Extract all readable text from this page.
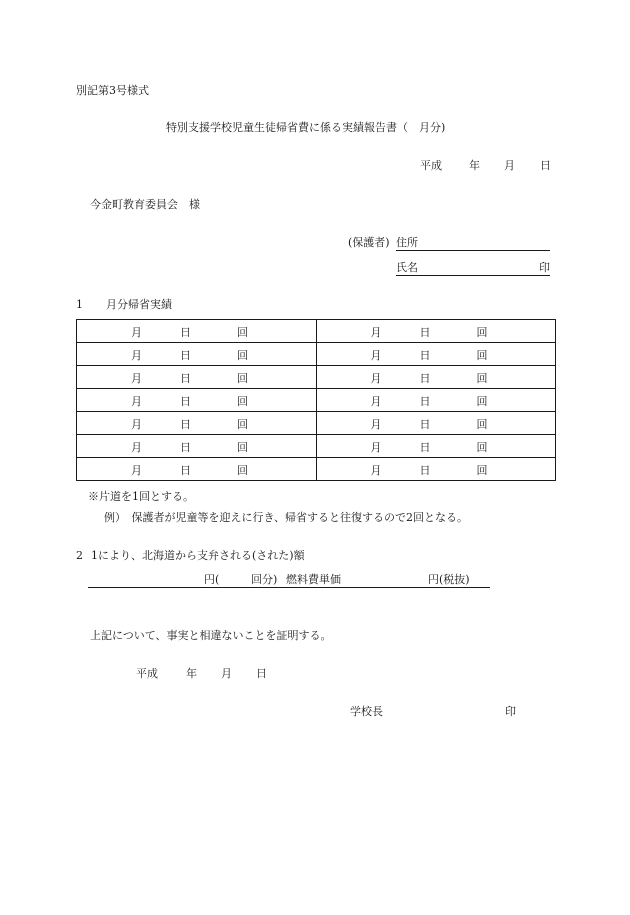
別記第3号様式
特別支援学校児童生徒帰省費に係る実績報告書（　月分)
平成 年 月 日
今金町教育委員会　様
(保護者) 住所
氏名	印
1 月分帰省実績
月 日 回	月 日 回

月 日 回	月 日 回

月 日 回	月 日 回

月 日 回	月 日 回

月 日 回	月 日 回

月 日 回	月 日 回

月 日 回	月 日 回
※片道を1回とする。
例）　保護者が児童等を迎えに行き、帰省すると往復するので2回となる。
2 1により、北海道から支弁される(された)額
円(	回分) 燃料費単価	円(税抜)
上記について、事実と相違ないことを証明する。
平成	年 月 日
学校長	印
